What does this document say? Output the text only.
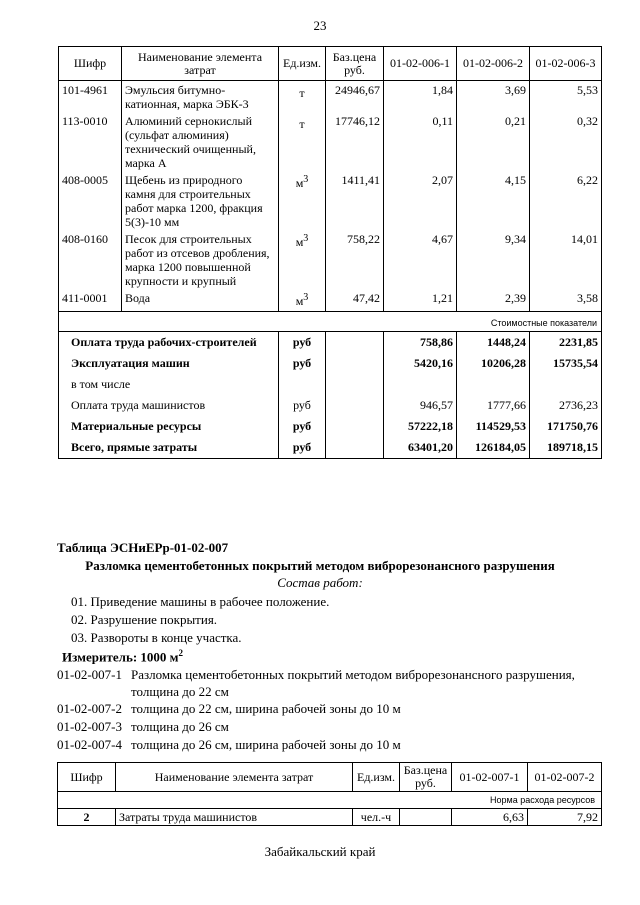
23
Шифр	Наименование элемента затрат	Ед.изм.	Баз.цена руб.	01-02-006-1	01-02-006-2	01-02-006-3
101-4961	Эмульсия битумно-катионная, марка ЭБК-3	т	24946,67	1,84	3,69	5,53
113-0010	Алюминий сернокислый (сульфат алюминия) технический очищенный, марка А	т	17746,12	0,11	0,21	0,32
408-0005	Щебень из природного камня для строительных работ марка 1200, фракция 5(3)-10 мм	$м^3$	1411,41	2,07	4,15	6,22
408-0160	Песок для строительных работ из отсевов дробления, марка 1200 повышенной крупности и крупный	$м^3$	758,22	4,67	9,34	14,01
411-0001	Вода	$м^3$	47,42	1,21	2,39	3,58
Стоимостные показатели						
Оплата труда рабочих-строителей		руб		758,86	1448,24	2231,85
Эксплуатация машин		руб		5420,16	10206,28	15735,54
в том числе						
Оплата труда машинистов		руб		946,57	1777,66	2736,23
Материальные ресурсы		руб		57222,18	114529,53	171750,76
Всего, прямые затраты		руб		63401,20	126184,05	189718,15
Таблица ЭСНиЕРр-01-02-007
Разломка цементобетонных покрытий методом виброрезонансного разрушения
Состав работ:
01. Приведение машины в рабочее положение.
02. Разрушение покрытия.
03. Развороты в конце участка.
Измеритель: 1000 $м^2$
01-02-007-1 Разломка цементобетонных покрытий методом виброрезонансного разрушения,
толщина до 22 см
01-02-007-2 толщина до 22 см, ширина рабочей зоны до 10 м
01-02-007-3 толщина до 26 см
01-02-007-4 толщина до 26 см, ширина рабочей зоны до 10 м
Шифр	Наименование элемента затрат	Ед.изм.	Баз.цена руб.	01-02-007-1	01-02-007-2
Норма расхода ресурсов					
2	Затраты труда машинистов	чел.-ч		6,63	7,92
Забайкальский край
